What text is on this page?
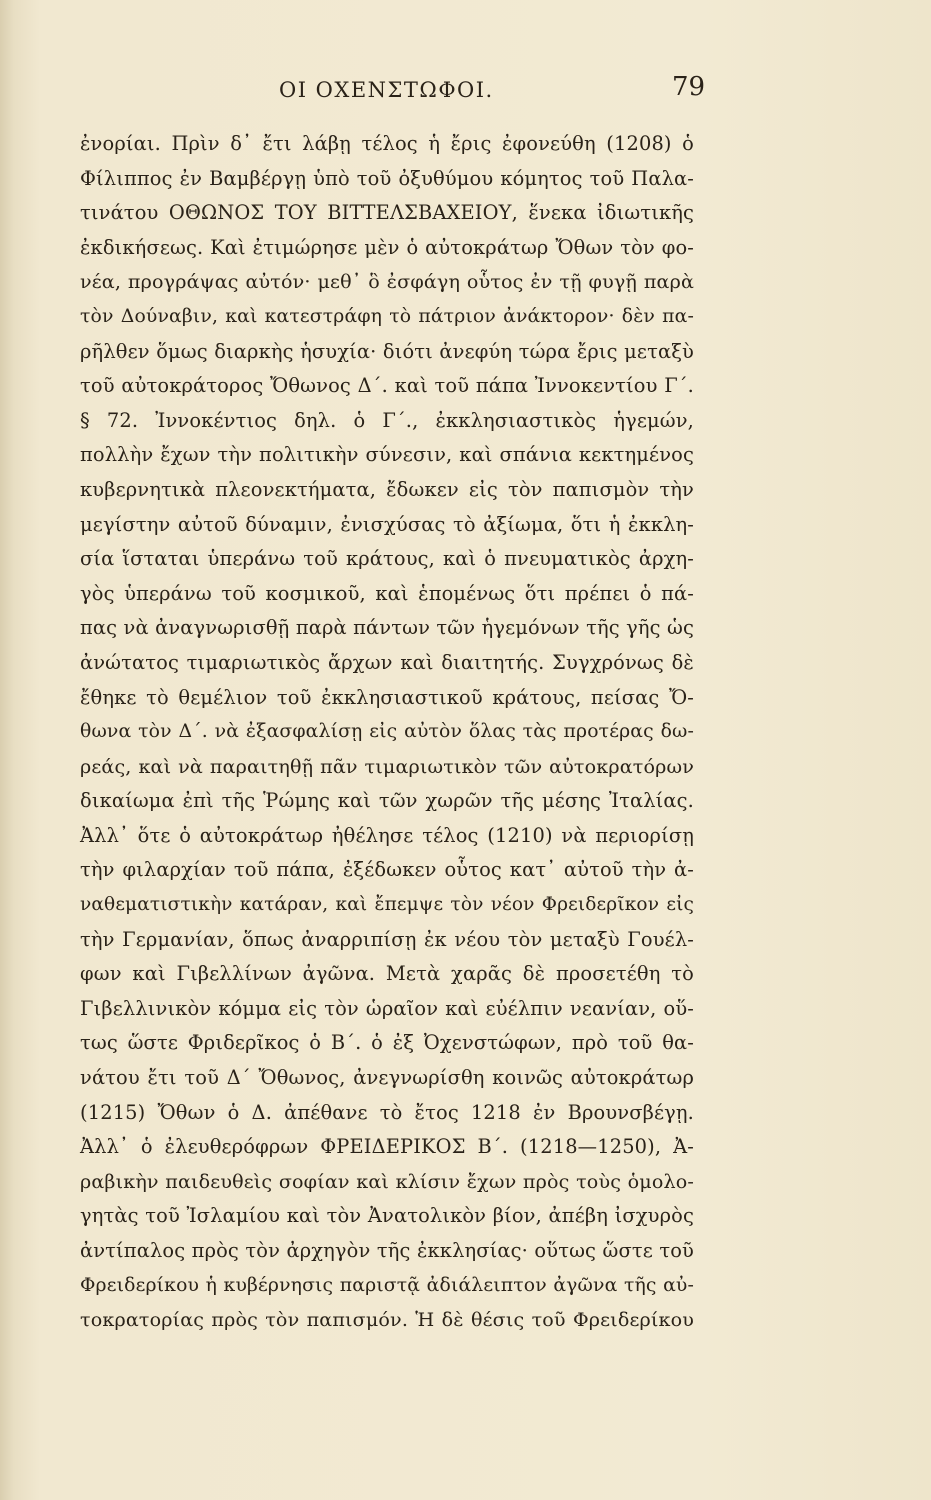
ΟΙ ΟΧΕΝΣΤΩΦΟΙ.	79
ἐνορίαι. Πρὶν δ᾽ ἔτι λάβῃ τέλος ἡ ἔρις ἐφονεύθη (1208) ὁ
Φίλιππος ἐν Βαμβέργῃ ὑπὸ τοῦ ὀξυθύμου κόμητος τοῦ Παλα-
τινάτου ΟΘΩΝΟΣ ΤΟΥ ΒΙΤΤΕΛΣΒΑΧΕΙΟΥ, ἕνεκα ἰδιωτικῆς
ἐκδικήσεως. Καὶ ἐτιμώρησε μὲν ὁ αὐτοκράτωρ Ὄθων τὸν φο-
νέα, προγράψας αὐτόν· μεθ᾽ ὃ ἐσφάγη οὗτος ἐν τῇ φυγῇ παρὰ
τὸν Δούναβιν, καὶ κατεστράφη τὸ πάτριον ἀνάκτορον· δὲν πα-
ρῆλθεν ὅμως διαρκὴς ἡσυχία· διότι ἀνεφύη τώρα ἔρις μεταξὺ
τοῦ αὐτοκράτορος Ὄθωνος Δ΄. καὶ τοῦ πάπα Ἰννοκεντίου Γ΄.
§ 72. Ἰννοκέντιος δηλ. ὁ Γ΄., ἐκκλησιαστικὸς ἡγεμών,
πολλὴν ἔχων τὴν πολιτικὴν σύνεσιν, καὶ σπάνια κεκτημένος
κυβερνητικὰ πλεονεκτήματα, ἔδωκεν εἰς τὸν παπισμὸν τὴν
μεγίστην αὐτοῦ δύναμιν, ἐνισχύσας τὸ ἀξίωμα, ὅτι ἡ ἐκκλη-
σία ἵσταται ὑπεράνω τοῦ κράτους, καὶ ὁ πνευματικὸς ἀρχη-
γὸς ὑπεράνω τοῦ κοσμικοῦ, καὶ ἑπομένως ὅτι πρέπει ὁ πά-
πας νὰ ἀναγνωρισθῇ παρὰ πάντων τῶν ἡγεμόνων τῆς γῆς ὡς
ἀνώτατος τιμαριωτικὸς ἄρχων καὶ διαιτητής. Συγχρόνως δὲ
ἔθηκε τὸ θεμέλιον τοῦ ἐκκλησιαστικοῦ κράτους, πείσας Ὄ-
θωνα τὸν Δ΄. νὰ ἐξασφαλίσῃ εἰς αὐτὸν ὅλας τὰς προτέρας δω-
ρεάς, καὶ νὰ παραιτηθῇ πᾶν τιμαριωτικὸν τῶν αὐτοκρατόρων
δικαίωμα ἐπὶ τῆς Ῥώμης καὶ τῶν χωρῶν τῆς μέσης Ἰταλίας.
Ἀλλ᾽ ὅτε ὁ αὐτοκράτωρ ἠθέλησε τέλος (1210) νὰ περιορίσῃ
τὴν φιλαρχίαν τοῦ πάπα, ἐξέδωκεν οὗτος κατ᾽ αὐτοῦ τὴν ἀ-
ναθεματιστικὴν κατάραν, καὶ ἔπεμψε τὸν νέον Φρειδερῖκον εἰς
τὴν Γερμανίαν, ὅπως ἀναρριπίσῃ ἐκ νέου τὸν μεταξὺ Γουέλ-
φων καὶ Γιβελλίνων ἀγῶνα. Μετὰ χαρᾶς δὲ προσετέθη τὸ
Γιβελλινικὸν κόμμα εἰς τὸν ὡραῖον καὶ εὐέλπιν νεανίαν, οὕ-
τως ὥστε Φριδερῖκος ὁ Β΄. ὁ ἐξ Ὀχενστώφων, πρὸ τοῦ θα-
νάτου ἔτι τοῦ Δ΄ Ὄθωνος, ἀνεγνωρίσθη κοινῶς αὐτοκράτωρ
(1215) Ὄθων ὁ Δ. ἀπέθανε τὸ ἔτος 1218 ἐν Βρουνσβέγῃ.
Ἀλλ᾽ ὁ ἐλευθερόφρων ΦΡΕΙΔΕΡΙΚΟΣ Β΄. (1218—1250), Ἀ-
ραβικὴν παιδευθεὶς σοφίαν καὶ κλίσιν ἔχων πρὸς τοὺς ὁμολο-
γητὰς τοῦ Ἰσλαμίου καὶ τὸν Ἀνατολικὸν βίον, ἀπέβη ἰσχυρὸς
ἀντίπαλος πρὸς τὸν ἀρχηγὸν τῆς ἐκκλησίας· οὕτως ὥστε τοῦ
Φρειδερίκου ἡ κυβέρνησις παριστᾷ ἀδιάλειπτον ἀγῶνα τῆς αὐ-
τοκρατορίας πρὸς τὸν παπισμόν. Ἡ δὲ θέσις τοῦ Φρειδερίκου
